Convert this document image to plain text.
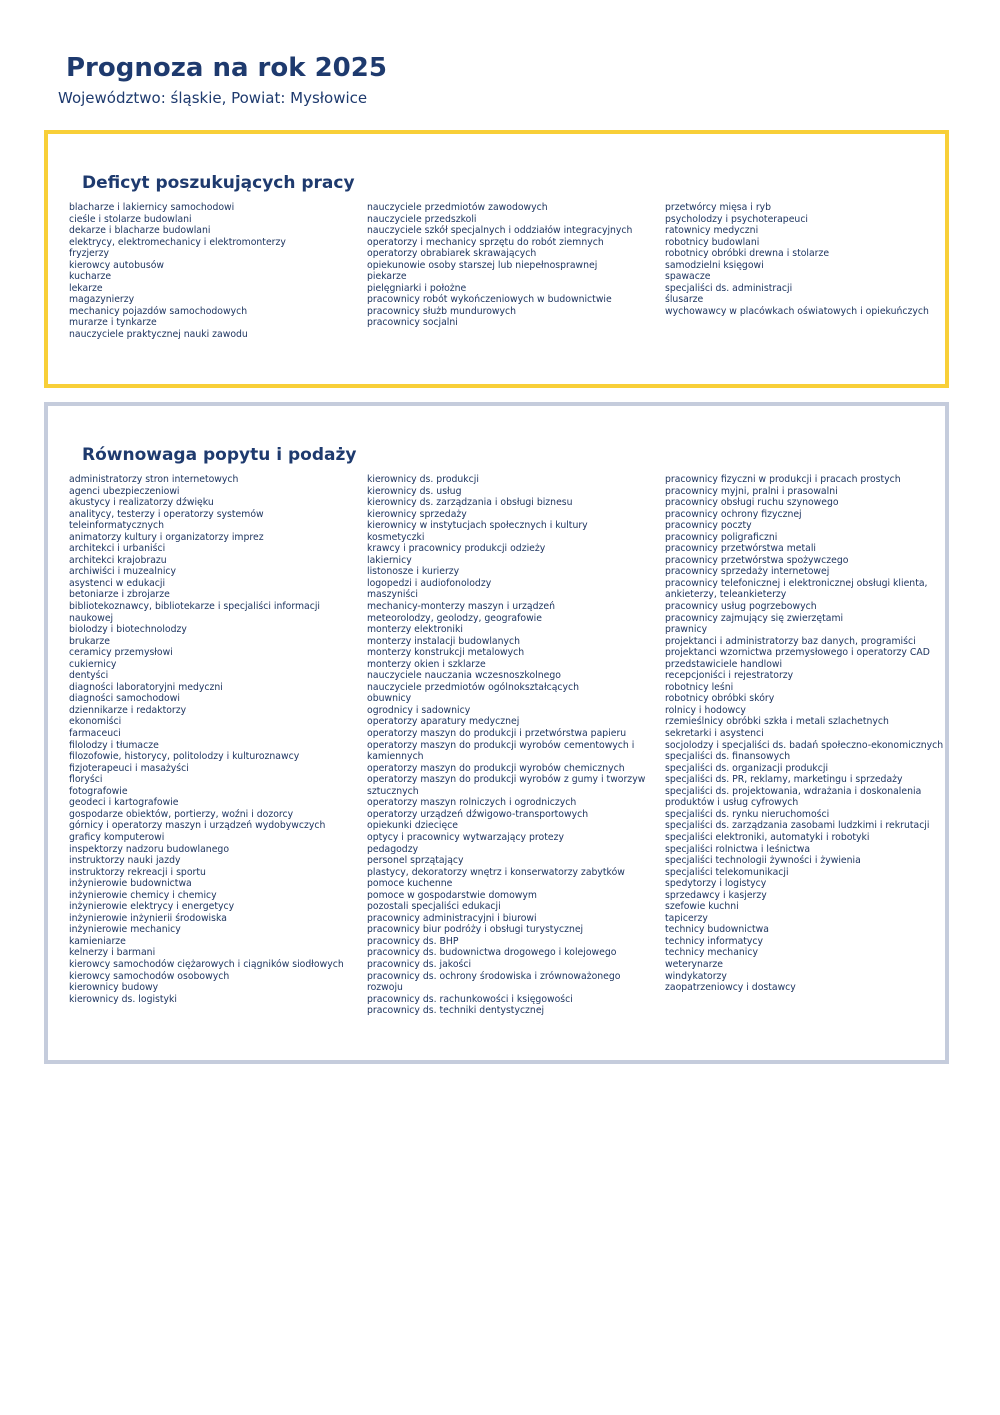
Prognoza na rok 2025
Województwo: śląskie, Powiat: Mysłowice
Deficyt poszukujących pracy
blacharze i lakiernicy samochodowi
cieśle i stolarze budowlani
dekarze i blacharze budowlani
elektrycy, elektromechanicy i elektromonterzy
fryzjerzy
kierowcy autobusów
kucharze
lekarze
magazynierzy
mechanicy pojazdów samochodowych
murarze i tynkarze
nauczyciele praktycznej nauki zawodu
nauczyciele przedmiotów zawodowych
nauczyciele przedszkoli
nauczyciele szkół specjalnych i oddziałów integracyjnych
operatorzy i mechanicy sprzętu do robót ziemnych
operatorzy obrabiarek skrawających
opiekunowie osoby starszej lub niepełnosprawnej
piekarze
pielęgniarki i położne
pracownicy robót wykończeniowych w budownictwie
pracownicy służb mundurowych
pracownicy socjalni
przetwórcy mięsa i ryb
psycholodzy i psychoterapeuci
ratownicy medyczni
robotnicy budowlani
robotnicy obróbki drewna i stolarze
samodzielni księgowi
spawacze
specjaliści ds. administracji
ślusarze
wychowawcy w placówkach oświatowych i opiekuńczych
Równowaga popytu i podaży
administratorzy stron internetowych
agenci ubezpieczeniowi
akustycy i realizatorzy dźwięku
analitycy, testerzy i operatorzy systemów
teleinformatycznych
animatorzy kultury i organizatorzy imprez
architekci i urbaniści
architekci krajobrazu
archiwiści i muzealnicy
asystenci w edukacji
betoniarze i zbrojarze
bibliotekoznawcy, bibliotekarze i specjaliści informacji
naukowej
biolodzy i biotechnolodzy
brukarze
ceramicy przemysłowi
cukiernicy
dentyści
diagności laboratoryjni medyczni
diagności samochodowi
dziennikarze i redaktorzy
ekonomiści
farmaceuci
filolodzy i tłumacze
filozofowie, historycy, politolodzy i kulturoznawcy
fizjoterapeuci i masażyści
floryści
fotografowie
geodeci i kartografowie
gospodarze obiektów, portierzy, woźni i dozorcy
górnicy i operatorzy maszyn i urządzeń wydobywczych
graficy komputerowi
inspektorzy nadzoru budowlanego
instruktorzy nauki jazdy
instruktorzy rekreacji i sportu
inżynierowie budownictwa
inżynierowie chemicy i chemicy
inżynierowie elektrycy i energetycy
inżynierowie inżynierii środowiska
inżynierowie mechanicy
kamieniarze
kelnerzy i barmani
kierowcy samochodów ciężarowych i ciągników siodłowych
kierowcy samochodów osobowych
kierownicy budowy
kierownicy ds. logistyki
kierownicy ds. produkcji
kierownicy ds. usług
kierownicy ds. zarządzania i obsługi biznesu
kierownicy sprzedaży
kierownicy w instytucjach społecznych i kultury
kosmetyczki
krawcy i pracownicy produkcji odzieży
lakiernicy
listonosze i kurierzy
logopedzi i audiofonolodzy
maszyniści
mechanicy-monterzy maszyn i urządzeń
meteorolodzy, geolodzy, geografowie
monterzy elektroniki
monterzy instalacji budowlanych
monterzy konstrukcji metalowych
monterzy okien i szklarze
nauczyciele nauczania wczesnoszkolnego
nauczyciele przedmiotów ogólnokształcących
obuwnicy
ogrodnicy i sadownicy
operatorzy aparatury medycznej
operatorzy maszyn do produkcji i przetwórstwa papieru
operatorzy maszyn do produkcji wyrobów cementowych i
kamiennych
operatorzy maszyn do produkcji wyrobów chemicznych
operatorzy maszyn do produkcji wyrobów z gumy i tworzyw
sztucznych
operatorzy maszyn rolniczych i ogrodniczych
operatorzy urządzeń dźwigowo-transportowych
opiekunki dziecięce
optycy i pracownicy wytwarzający protezy
pedagodzy
personel sprzątający
plastycy, dekoratorzy wnętrz i konserwatorzy zabytków
pomoce kuchenne
pomoce w gospodarstwie domowym
pozostali specjaliści edukacji
pracownicy administracyjni i biurowi
pracownicy biur podróży i obsługi turystycznej
pracownicy ds. BHP
pracownicy ds. budownictwa drogowego i kolejowego
pracownicy ds. jakości
pracownicy ds. ochrony środowiska i zrównoważonego
rozwoju
pracownicy ds. rachunkowości i księgowości
pracownicy ds. techniki dentystycznej
pracownicy fizyczni w produkcji i pracach prostych
pracownicy myjni, pralni i prasowalni
pracownicy obsługi ruchu szynowego
pracownicy ochrony fizycznej
pracownicy poczty
pracownicy poligraficzni
pracownicy przetwórstwa metali
pracownicy przetwórstwa spożywczego
pracownicy sprzedaży internetowej
pracownicy telefonicznej i elektronicznej obsługi klienta,
ankieterzy, teleankieterzy
pracownicy usług pogrzebowych
pracownicy zajmujący się zwierzętami
prawnicy
projektanci i administratorzy baz danych, programiści
projektanci wzornictwa przemysłowego i operatorzy CAD
przedstawiciele handlowi
recepcjoniści i rejestratorzy
robotnicy leśni
robotnicy obróbki skóry
rolnicy i hodowcy
rzemieślnicy obróbki szkła i metali szlachetnych
sekretarki i asystenci
socjolodzy i specjaliści ds. badań społeczno-ekonomicznych
specjaliści ds. finansowych
specjaliści ds. organizacji produkcji
specjaliści ds. PR, reklamy, marketingu i sprzedaży
specjaliści ds. projektowania, wdrażania i doskonalenia
produktów i usług cyfrowych
specjaliści ds. rynku nieruchomości
specjaliści ds. zarządzania zasobami ludzkimi i rekrutacji
specjaliści elektroniki, automatyki i robotyki
specjaliści rolnictwa i leśnictwa
specjaliści technologii żywności i żywienia
specjaliści telekomunikacji
spedytorzy i logistycy
sprzedawcy i kasjerzy
szefowie kuchni
tapicerzy
technicy budownictwa
technicy informatycy
technicy mechanicy
weterynarze
windykatorzy
zaopatrzeniowcy i dostawcy
